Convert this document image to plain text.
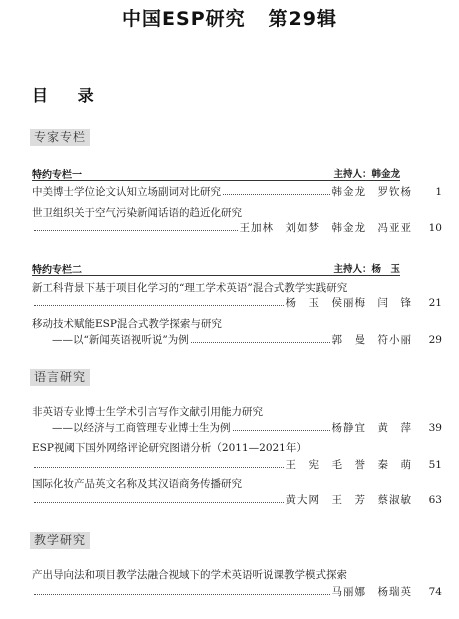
中国ESP研究 第29辑
目 录
专家专栏
特约专栏一	主持人：韩金龙
中美博士学位论文认知立场副词对比研究	韩金龙　罗钦杨	1
世卫组织关于空气污染新闻话语的趋近化研究
王加林　刘如梦　韩金龙　冯亚亚	10
特约专栏二	主持人：杨　玉
新工科背景下基于项目化学习的“理工学术英语”混合式教学实践研究
杨　玉　侯丽梅　闫　锋	21
移动技术赋能ESP混合式教学探索与研究
——以“新闻英语视听说”为例	郭　曼　符小丽	29
语言研究
非英语专业博士生学术引言写作文献引用能力研究
——以经济与工商管理专业博士生为例	杨静宜　黄　萍	39
ESP视阈下国外网络评论研究图谱分析（2011—2021年）
王　宪　毛　誉　秦　萌	51
国际化妆产品英文名称及其汉语商务传播研究
黄大网　王　芳　蔡淑敏	63
教学研究
产出导向法和项目教学法融合视域下的学术英语听说课教学模式探索
马丽娜　杨瑞英	74
